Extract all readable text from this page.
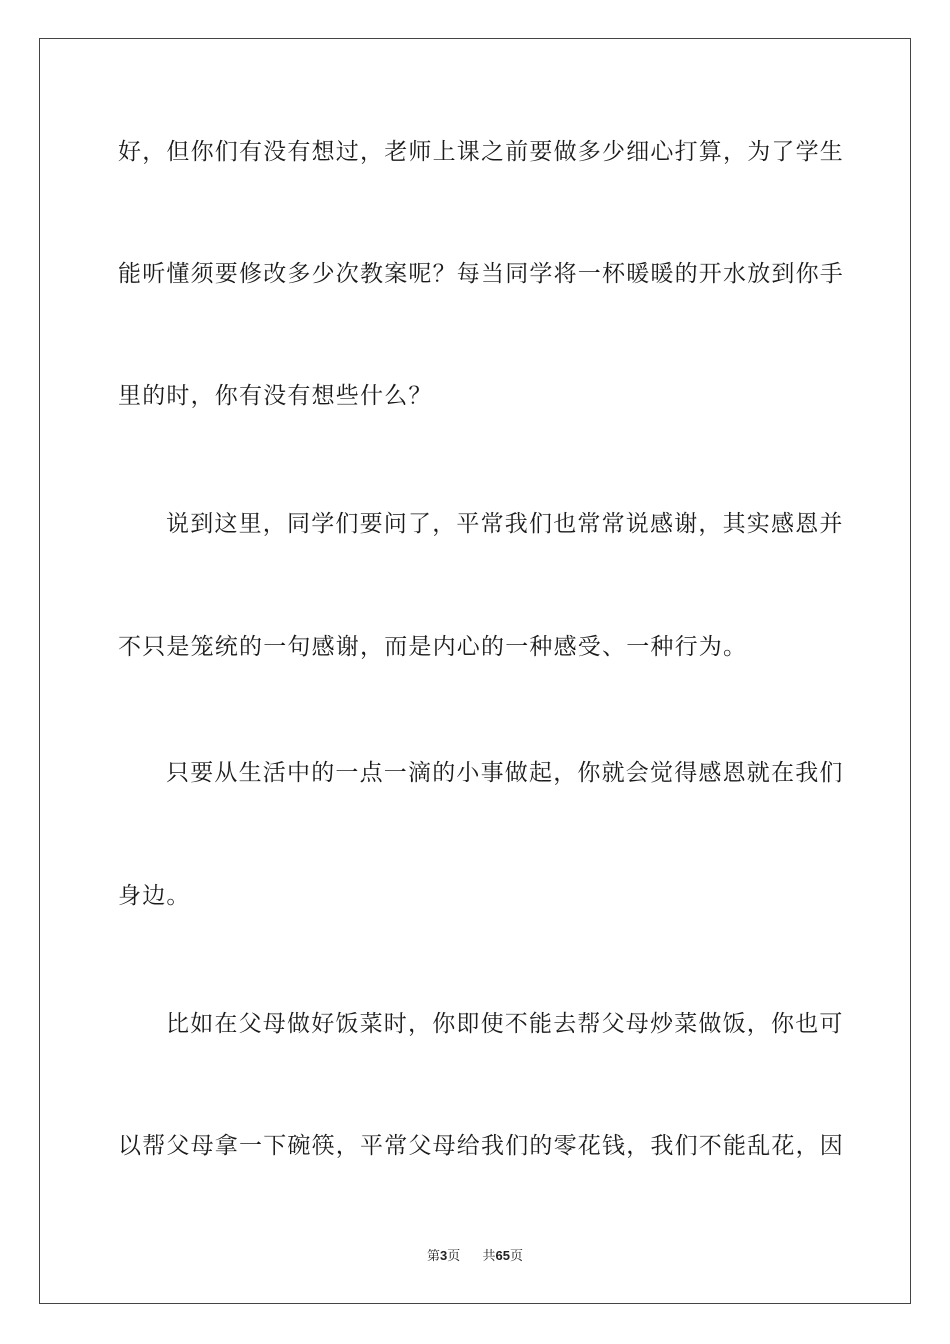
好，但你们有没有想过，老师上课之前要做多少细心打算，为了学生
能听懂须要修改多少次教案呢？每当同学将一杯暖暖的开水放到你手
里的时，你有没有想些什么？
说到这里，同学们要问了，平常我们也常常说感谢，其实感恩并
不只是笼统的一句感谢，而是内心的一种感受、一种行为。
只要从生活中的一点一滴的小事做起，你就会觉得感恩就在我们
身边。
比如在父母做好饭菜时，你即使不能去帮父母炒菜做饭，你也可
以帮父母拿一下碗筷，平常父母给我们的零花钱，我们不能乱花，因
第3页 共65页
